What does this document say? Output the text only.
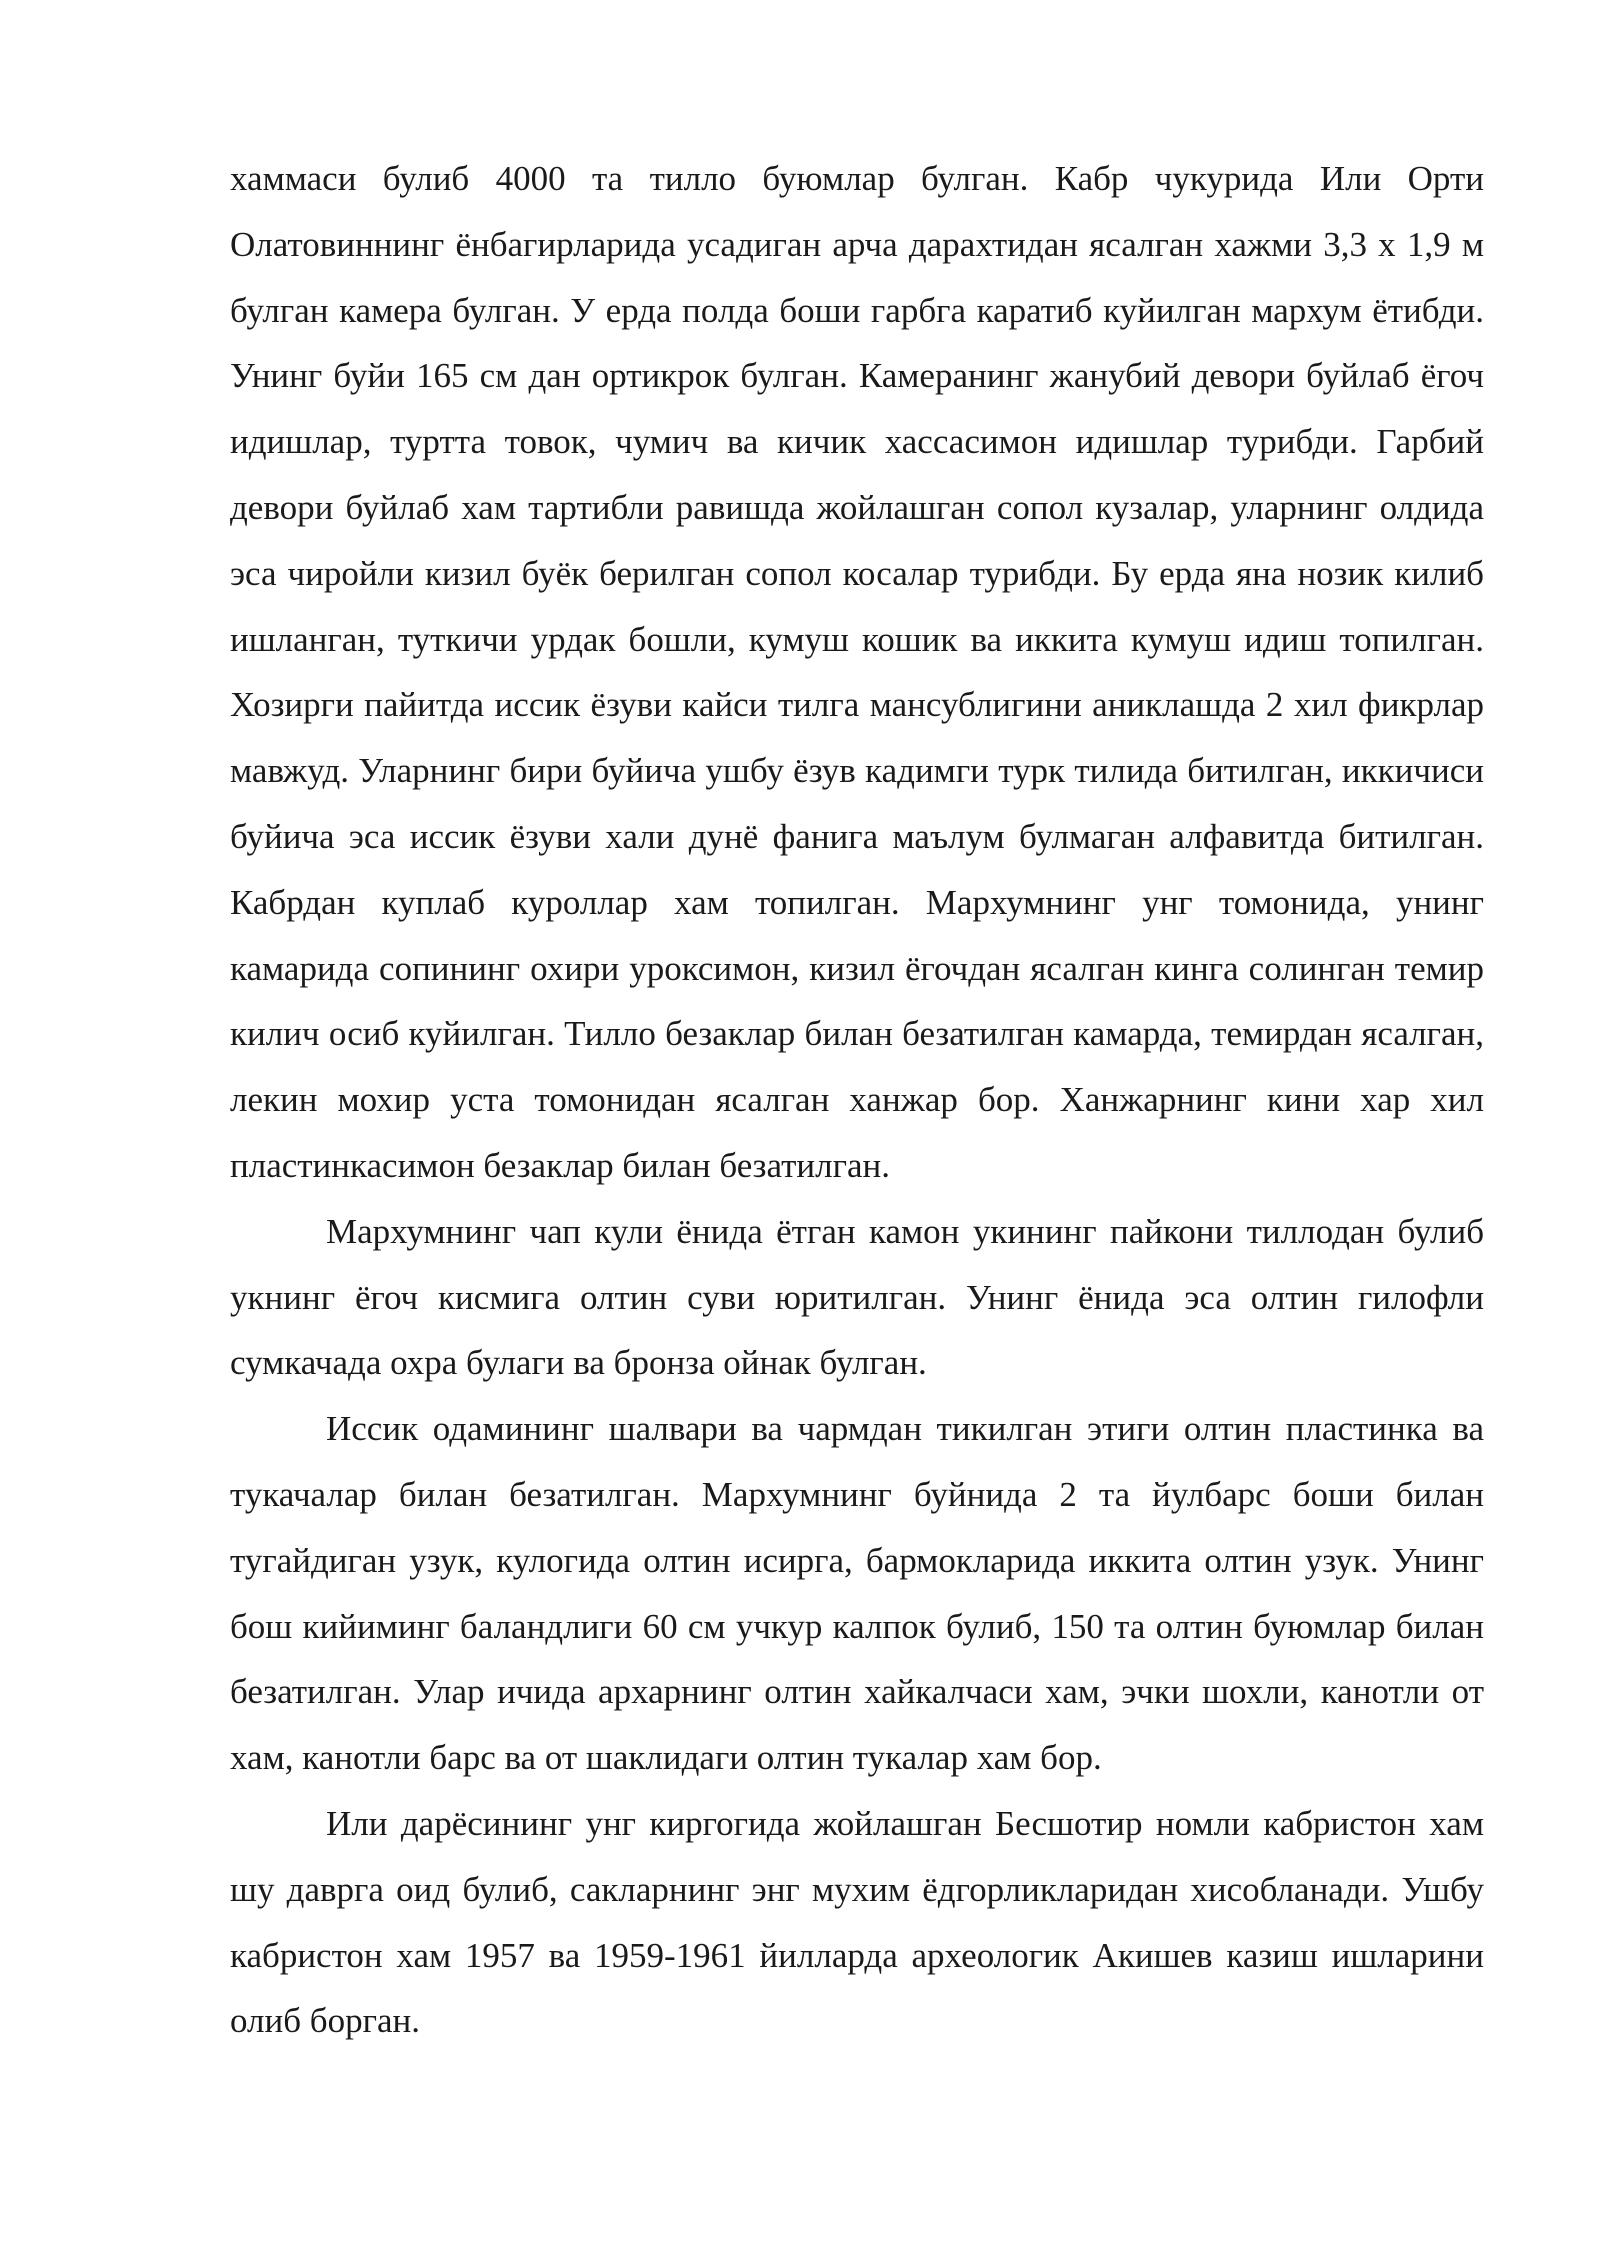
хаммаси булиб 4000 та тилло буюмлар булган. Кабр чукурида Или Орти Олатовиннинг ёнбагирларида усадиган арча дарахтидан ясалган хажми 3,3 х 1,9 м булган камера булган. У ерда полда боши гарбга каратиб куйилган мархум ётибди. Унинг буйи 165 см дан ортикрок булган. Камеранинг жанубий девори буйлаб ёгоч идишлар, туртта товок, чумич ва кичик хассасимон идишлар турибди. Гарбий девори буйлаб хам тартибли равишда жойлашган сопол кузалар, уларнинг олдида эса чиройли кизил буёк берилган сопол косалар турибди. Бу ерда яна нозик килиб ишланган, туткичи урдак бошли, кумуш кошик ва иккита кумуш идиш топилган. Хозирги пайитда иссик ёзуви кайси тилга мансублигини аниклашда 2 хил фикрлар мавжуд. Уларнинг бири буйича ушбу ёзув кадимги турк тилида битилган, иккичиси буйича эса иссик ёзуви хали дунё фанига маълум булмаган алфавитда битилган. Кабрдан куплаб куроллар хам топилган. Мархумнинг унг томонида, унинг камарида сопининг охири уроксимон, кизил ёгочдан ясалган кинга солинган темир килич осиб куйилган. Тилло безаклар билан безатилган камарда, темирдан ясалган, лекин мохир уста томонидан ясалган ханжар бор. Ханжарнинг кини хар хил пластинкасимон безаклар билан безатилган.

Мархумнинг чап кули ёнида ётган камон укининг пайкони тиллодан булиб укнинг ёгоч кисмига олтин суви юритилган. Унинг ёнида эса олтин гилофли сумкачада охра булаги ва бронза ойнак булган.

Иссик одамининг шалвари ва чармдан тикилган этиги олтин пластинка ва тукачалар билан безатилган. Мархумнинг буйнида 2 та йулбарс боши билан тугайдиган узук, кулогида олтин исирга, бармокларида иккита олтин узук. Унинг бош кийиминг баландлиги 60 см учкур калпок булиб, 150 та олтин буюмлар билан безатилган. Улар ичида архарнинг олтин хайкалчаси хам, эчки шохли, канотли от хам, канотли барс ва от шаклидаги олтин тукалар хам бор.

Или дарёсининг унг киргогида жойлашган Бесшотир номли кабристон хам шу даврга оид булиб, сакларнинг энг мухим ёдгорликларидан хисобланади. Ушбу кабристон хам 1957 ва 1959-1961 йилларда археологик Акишев казиш ишларини олиб борган.
